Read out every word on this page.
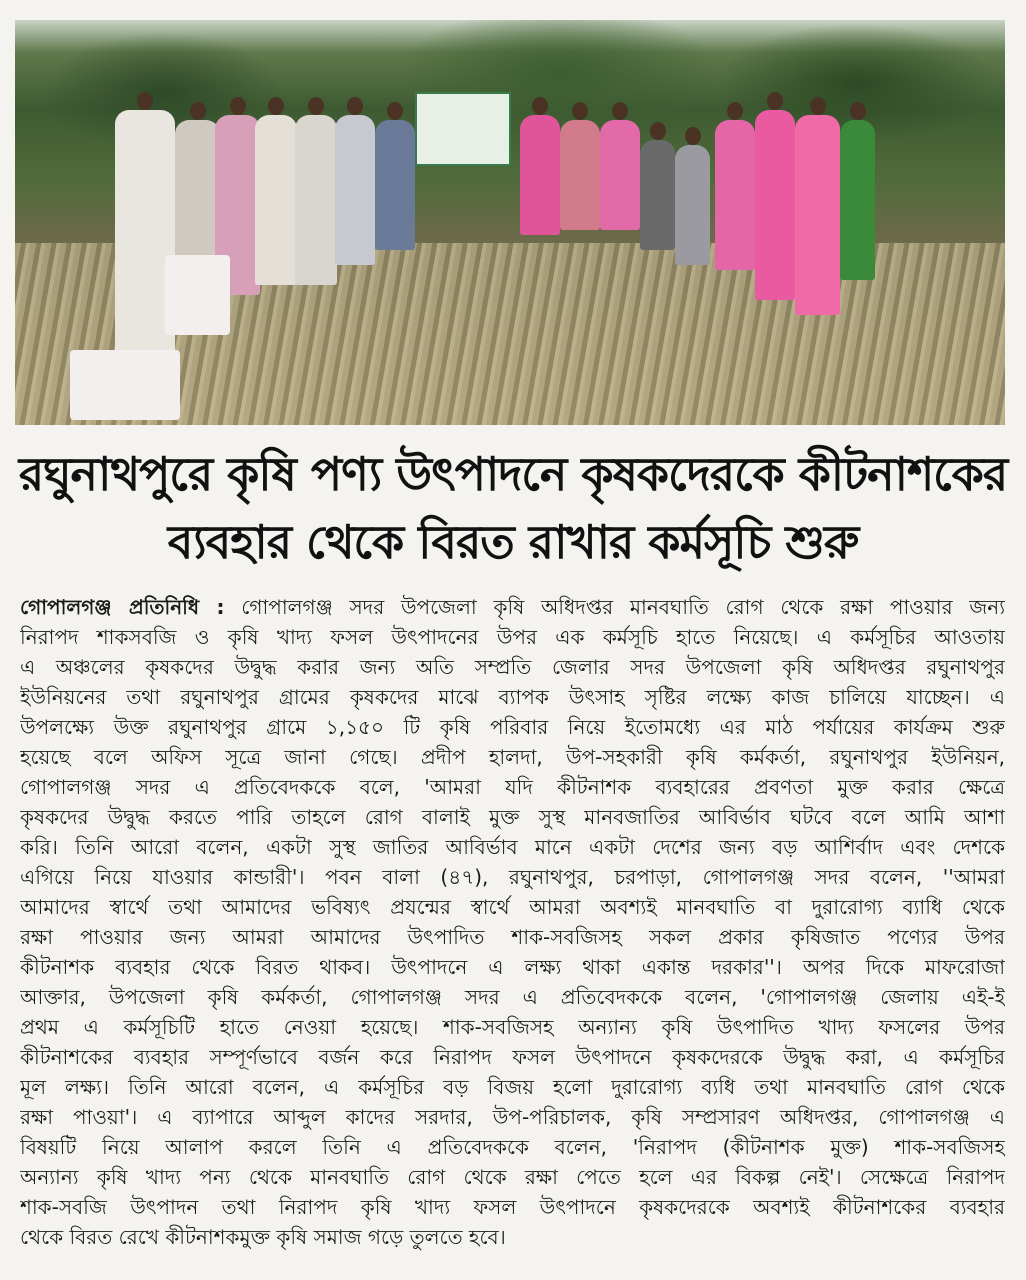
রঘুনাথপুরে কৃষি পণ্য উৎপাদনে কৃষকদেরকে কীটনাশকের
ব্যবহার থেকে বিরত রাখার কর্মসূচি শুরু
গোপালগঞ্জ প্রতিনিধি : গোপালগঞ্জ সদর উপজেলা কৃষি অধিদপ্তর মানবঘাতি রোগ থেকে রক্ষা পাওয়ার জন্য
নিরাপদ শাকসবজি ও কৃষি খাদ্য ফসল উৎপাদনের উপর এক কর্মসূচি হাতে নিয়েছে। এ কর্মসূচির আওতায়
এ অঞ্চলের কৃষকদের উদ্বুদ্ধ করার জন্য অতি সম্প্রতি জেলার সদর উপজেলা কৃষি অধিদপ্তর রঘুনাথপুর
ইউনিয়নের তথা রঘুনাথপুর গ্রামের কৃষকদের মাঝে ব্যাপক উৎসাহ সৃষ্টির লক্ষ্যে কাজ চালিয়ে যাচ্ছেন। এ
উপলক্ষ্যে উক্ত রঘুনাথপুর গ্রামে ১,১৫০ টি কৃষি পরিবার নিয়ে ইতোমধ্যে এর মাঠ পর্যায়ের কার্যক্রম শুরু
হয়েছে বলে অফিস সূত্রে জানা গেছে। প্রদীপ হালদা, উপ-সহকারী কৃষি কর্মকর্তা, রঘুনাথপুর ইউনিয়ন,
গোপালগঞ্জ সদর এ প্রতিবেদককে বলে, 'আমরা যদি কীটনাশক ব্যবহারের প্রবণতা মুক্ত করার ক্ষেত্রে
কৃষকদের উদ্বুদ্ধ করতে পারি তাহলে রোগ বালাই মুক্ত সুস্থ মানবজাতির আবির্ভাব ঘটবে বলে আমি আশা
করি। তিনি আরো বলেন, একটা সুস্থ জাতির আবির্ভাব মানে একটা দেশের জন্য বড় আশির্বাদ এবং দেশকে
এগিয়ে নিয়ে যাওয়ার কান্ডারী'। পবন বালা (৪৭), রঘুনাথপুর, চরপাড়া, গোপালগঞ্জ সদর বলেন, ''আমরা
আমাদের স্বার্থে তথা আমাদের ভবিষ্যৎ প্রযন্মের স্বার্থে আমরা অবশ্যই মানবঘাতি বা দুরারোগ্য ব্যাধি থেকে
রক্ষা পাওয়ার জন্য আমরা আমাদের উৎপাদিত শাক-সবজিসহ সকল প্রকার কৃষিজাত পণ্যের উপর
কীটনাশক ব্যবহার থেকে বিরত থাকব। উৎপাদনে এ লক্ষ্য থাকা একান্ত দরকার''। অপর দিকে মাফরোজা
আক্তার, উপজেলা কৃষি কর্মকর্তা, গোপালগঞ্জ সদর এ প্রতিবেদককে বলেন, 'গোপালগঞ্জ জেলায় এই-ই
প্রথম এ কর্মসূচিটি হাতে নেওয়া হয়েছে। শাক-সবজিসহ অন্যান্য কৃষি উৎপাদিত খাদ্য ফসলের উপর
কীটনাশকের ব্যবহার সম্পূর্ণভাবে বর্জন করে নিরাপদ ফসল উৎপাদনে কৃষকদেরকে উদ্বুদ্ধ করা, এ কর্মসূচির
মূল লক্ষ্য। তিনি আরো বলেন, এ কর্মসূচির বড় বিজয় হলো দুরারোগ্য ব্যধি তথা মানবঘাতি রোগ থেকে
রক্ষা পাওয়া'। এ ব্যাপারে আব্দুল কাদের সরদার, উপ-পরিচালক, কৃষি সম্প্রসারণ অধিদপ্তর, গোপালগঞ্জ এ
বিষয়টি নিয়ে আলাপ করলে তিনি এ প্রতিবেদককে বলেন, 'নিরাপদ (কীটনাশক মুক্ত) শাক-সবজিসহ
অন্যান্য কৃষি খাদ্য পন্য থেকে মানবঘাতি রোগ থেকে রক্ষা পেতে হলে এর বিকল্প নেই'। সেক্ষেত্রে নিরাপদ
শাক-সবজি উৎপাদন তথা নিরাপদ কৃষি খাদ্য ফসল উৎপাদনে কৃষকদেরকে অবশ্যই কীটনাশকের ব্যবহার
থেকে বিরত রেখে কীটনাশকমুক্ত কৃষি সমাজ গড়ে তুলতে হবে।
